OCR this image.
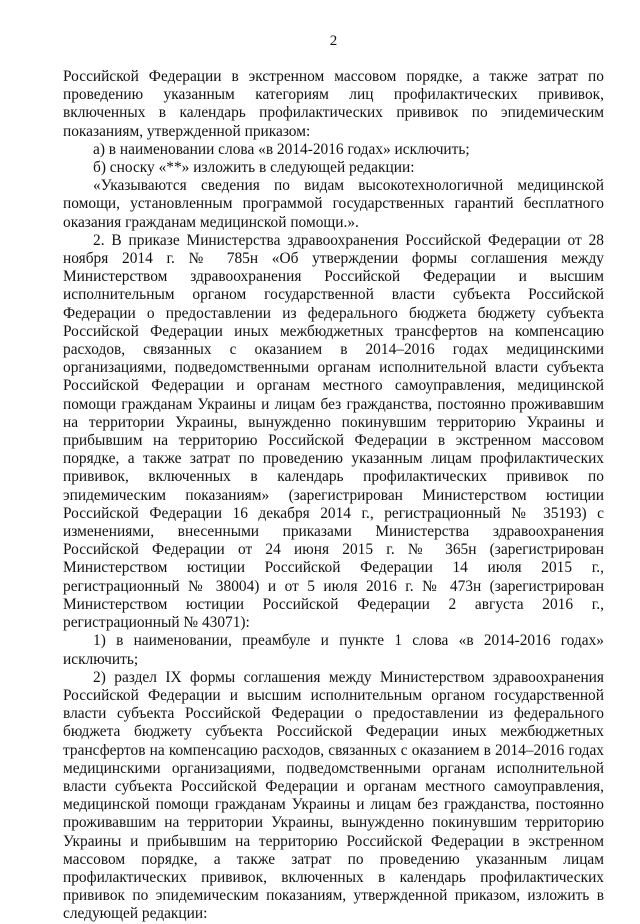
2

Российской Федерации в экстренном массовом порядке, а также затрат по проведению указанным категориям лиц профилактических прививок, включенных в календарь профилактических прививок по эпидемическим показаниям, утвержденной приказом:

а) в наименовании слова «в 2014-2016 годах» исключить;

б) сноску «**» изложить в следующей редакции:

«Указываются сведения по видам высокотехнологичной медицинской помощи, установленным программой государственных гарантий бесплатного оказания гражданам медицинской помощи.».

2. В приказе Министерства здравоохранения Российской Федерации от 28 ноября 2014 г. № 785н «Об утверждении формы соглашения между Министерством здравоохранения Российской Федерации и высшим исполнительным органом государственной власти субъекта Российской Федерации о предоставлении из федерального бюджета бюджету субъекта Российской Федерации иных межбюджетных трансфертов на компенсацию расходов, связанных с оказанием в 2014–2016 годах медицинскими организациями, подведомственными органам исполнительной власти субъекта Российской Федерации и органам местного самоуправления, медицинской помощи гражданам Украины и лицам без гражданства, постоянно проживавшим на территории Украины, вынужденно покинувшим территорию Украины и прибывшим на территорию Российской Федерации в экстренном массовом порядке, а также затрат по проведению указанным лицам профилактических прививок, включенных в календарь профилактических прививок по эпидемическим показаниям» (зарегистрирован Министерством юстиции Российской Федерации 16 декабря 2014 г., регистрационный № 35193) с изменениями, внесенными приказами Министерства здравоохранения Российской Федерации от 24 июня 2015 г. № 365н (зарегистрирован Министерством юстиции Российской Федерации 14 июля 2015 г., регистрационный № 38004) и от 5 июля 2016 г. № 473н (зарегистрирован Министерством юстиции Российской Федерации 2 августа 2016 г., регистрационный № 43071):

1) в наименовании, преамбуле и пункте 1 слова «в 2014-2016 годах» исключить;

2) раздел IX формы соглашения между Министерством здравоохранения Российской Федерации и высшим исполнительным органом государственной власти субъекта Российской Федерации о предоставлении из федерального бюджета бюджету субъекта Российской Федерации иных межбюджетных трансфертов на компенсацию расходов, связанных с оказанием в 2014–2016 годах медицинскими организациями, подведомственными органам исполнительной власти субъекта Российской Федерации и органам местного самоуправления, медицинской помощи гражданам Украины и лицам без гражданства, постоянно проживавшим на территории Украины, вынужденно покинувшим территорию Украины и прибывшим на территорию Российской Федерации в экстренном массовом порядке, а также затрат по проведению указанным лицам профилактических прививок, включенных в календарь профилактических прививок по эпидемическим показаниям, утвержденной приказом, изложить в следующей редакции:
